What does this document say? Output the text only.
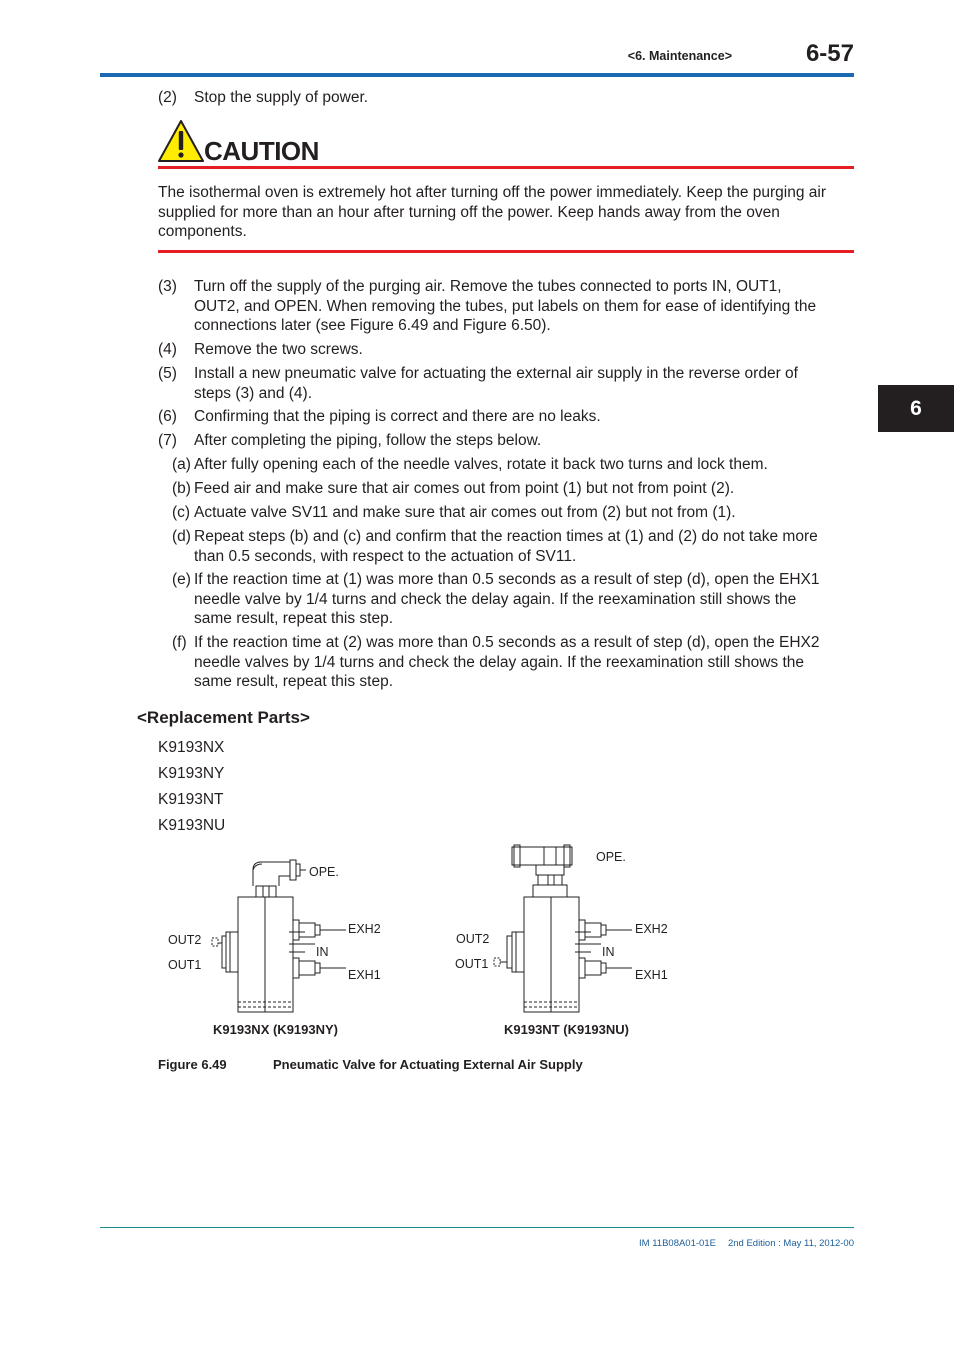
<6. Maintenance>	6-57
6
(2) Stop the supply of power.
CAUTION
The isothermal oven is extremely hot after turning off the power immediately. Keep the purging air supplied for more than an hour after turning off the power. Keep hands away from the oven components.
(3) Turn off the supply of the purging air. Remove the tubes connected to ports IN, OUT1,
OUT2, and OPEN. When removing the tubes, put labels on them for ease of identifying the
connections later (see Figure 6.49 and Figure 6.50).
(4) Remove the two screws.
(5) Install a new pneumatic valve for actuating the external air supply in the reverse order of
steps (3) and (4).
(6) Confirming that the piping is correct and there are no leaks.
(7) After completing the piping, follow the steps below.
(a) After fully opening each of the needle valves, rotate it back two turns and lock them.
(b) Feed air and make sure that air comes out from point (1) but not from point (2).
(c) Actuate valve SV11 and make sure that air comes out from (2) but not from (1).
(d) Repeat steps (b) and (c) and confirm that the reaction times at (1) and (2) do not take more
than 0.5 seconds, with respect to the actuation of SV11.
(e) If the reaction time at (1) was more than 0.5 seconds as a result of step (d), open the EHX1
needle valve by 1/4 turns and check the delay again. If the reexamination still shows the
same result, repeat this step.
(f) If the reaction time at (2) was more than 0.5 seconds as a result of step (d), open the EHX2
needle valves by 1/4 turns and check the delay again. If the reexamination still shows the
same result, repeat this step.
<Replacement Parts>
K9193NX
K9193NY
K9193NT
K9193NU
OPE.
EXH2
IN
EXH1
OUT2
OUT1
K9193NX (K9193NY)
OPE.
EXH2
IN
EXH1
OUT2
OUT1
K9193NT (K9193NU)
Figure 6.49	Pneumatic Valve for Actuating External Air Supply
IM 11B08A01-01E 2nd Edition : May 11, 2012-00
